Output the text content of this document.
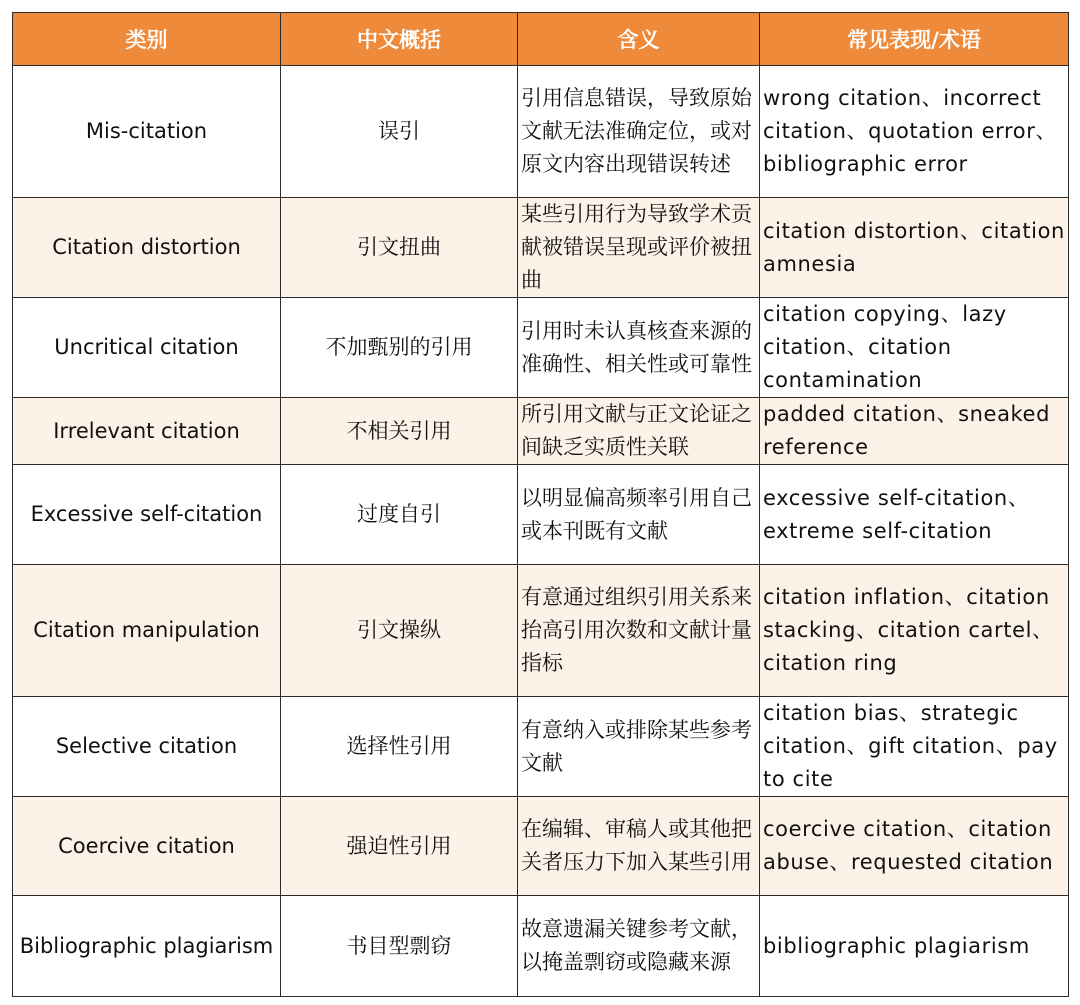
类别	中文概括	含义	常见表现/术语
Mis-citation	误引	引用信息错误，导致原始文献无法准确定位，或对原文内容出现错误转述	wrong citation、incorrect citation、quotation error、bibliographic error
Citation distortion	引文扭曲	某些引用行为导致学术贡献被错误呈现或评价被扭曲	citation distortion、citation amnesia
Uncritical citation	不加甄别的引用	引用时未认真核查来源的准确性、相关性或可靠性	citation copying、lazy citation、citation contamination
Irrelevant citation	不相关引用	所引用文献与正文论证之间缺乏实质性关联	padded citation、sneaked reference
Excessive self-citation	过度自引	以明显偏高频率引用自己或本刊既有文献	excessive self-citation、extreme self-citation
Citation manipulation	引文操纵	有意通过组织引用关系来抬高引用次数和文献计量指标	citation inflation、citation stacking、citation cartel、citation ring
Selective citation	选择性引用	有意纳入或排除某些参考文献	citation bias、strategic citation、gift citation、pay to cite
Coercive citation	强迫性引用	在编辑、审稿人或其他把关者压力下加入某些引用	coercive citation、citation abuse、requested citation
Bibliographic plagiarism	书目型剽窃	故意遗漏关键参考文献，以掩盖剽窃或隐藏来源	bibliographic plagiarism
